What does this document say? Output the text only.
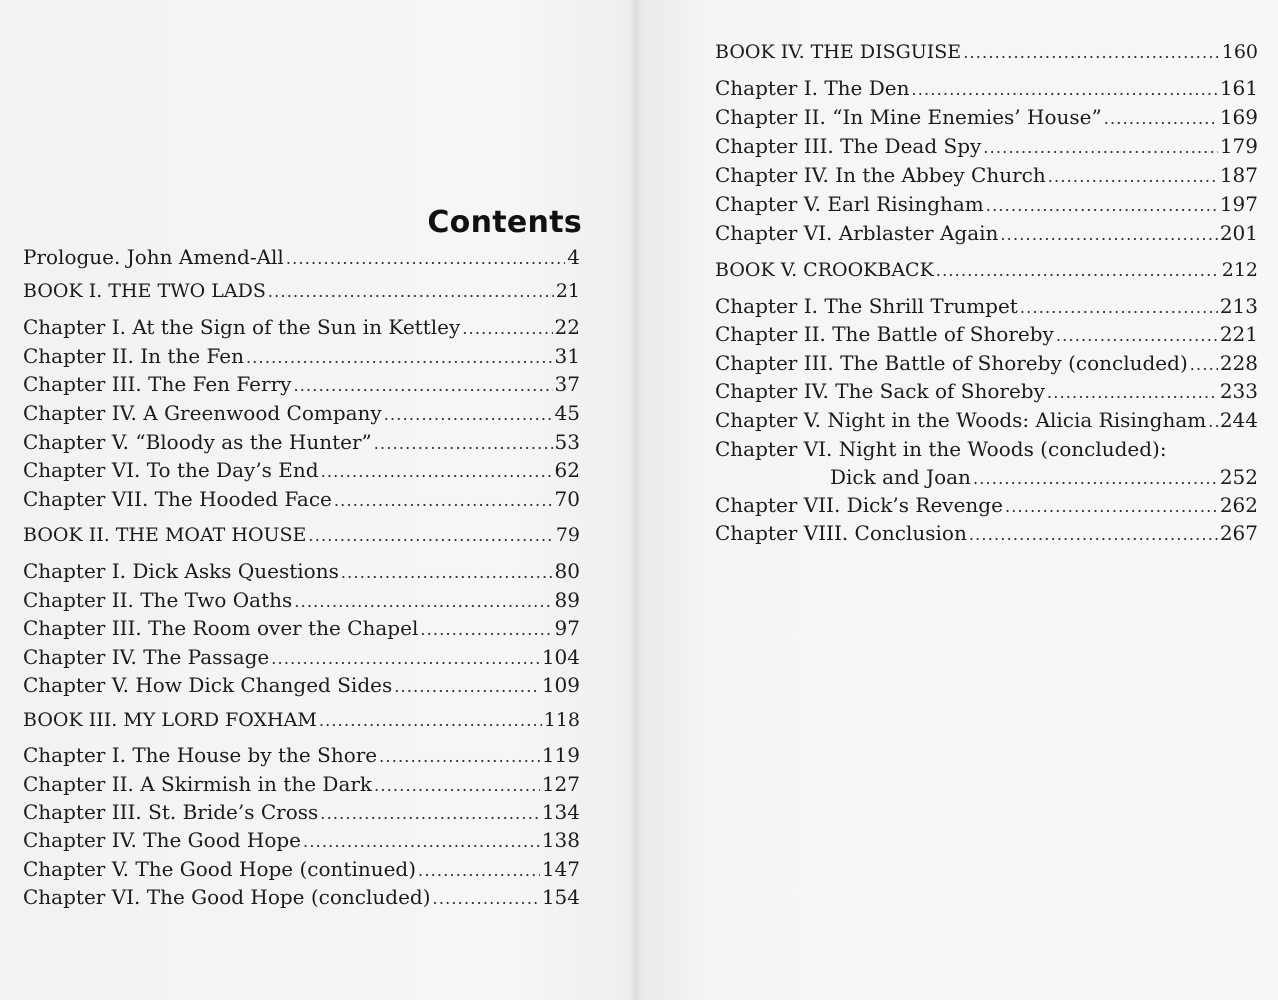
Contents
Prologue. John Amend-All .....	4
BOOK I. THE TWO LADS .....	21
Chapter I. At the Sign of the Sun in Kettley .....	22
Chapter II. In the Fen .....	31
Chapter III. The Fen Ferry .....	37
Chapter IV. A Greenwood Company .....	45
Chapter V. “Bloody as the Hunter” .....	53
Chapter VI. To the Day’s End .....	62
Chapter VII. The Hooded Face .....	70
BOOK II. THE MOAT HOUSE .....	79
Chapter I. Dick Asks Questions .....	80
Chapter II. The Two Oaths .....	89
Chapter III. The Room over the Chapel .....	97
Chapter IV. The Passage .....	104
Chapter V. How Dick Changed Sides .....	109
BOOK III. MY LORD FOXHAM .....	118
Chapter I. The House by the Shore .....	119
Chapter II. A Skirmish in the Dark .....	127
Chapter III. St. Bride’s Cross .....	134
Chapter IV. The Good Hope .....	138
Chapter V. The Good Hope (continued) .....	147
Chapter VI. The Good Hope (concluded) .....	154
BOOK IV. THE DISGUISE .....	160
Chapter I. The Den .....	161
Chapter II. “In Mine Enemies’ House” .....	169
Chapter III. The Dead Spy .....	179
Chapter IV. In the Abbey Church .....	187
Chapter V. Earl Risingham .....	197
Chapter VI. Arblaster Again .....	201
BOOK V. CROOKBACK .....	212
Chapter I. The Shrill Trumpet .....	213
Chapter II. The Battle of Shoreby .....	221
Chapter III. The Battle of Shoreby (concluded) ..... 228
Chapter IV. The Sack of Shoreby .....	233
Chapter V. Night in the Woods: Alicia Risingham ..... 244
Chapter VI. Night in the Woods (concluded):
Dick and Joan .....	252
Chapter VII. Dick’s Revenge .....	262
Chapter VIII. Conclusion .....	267
